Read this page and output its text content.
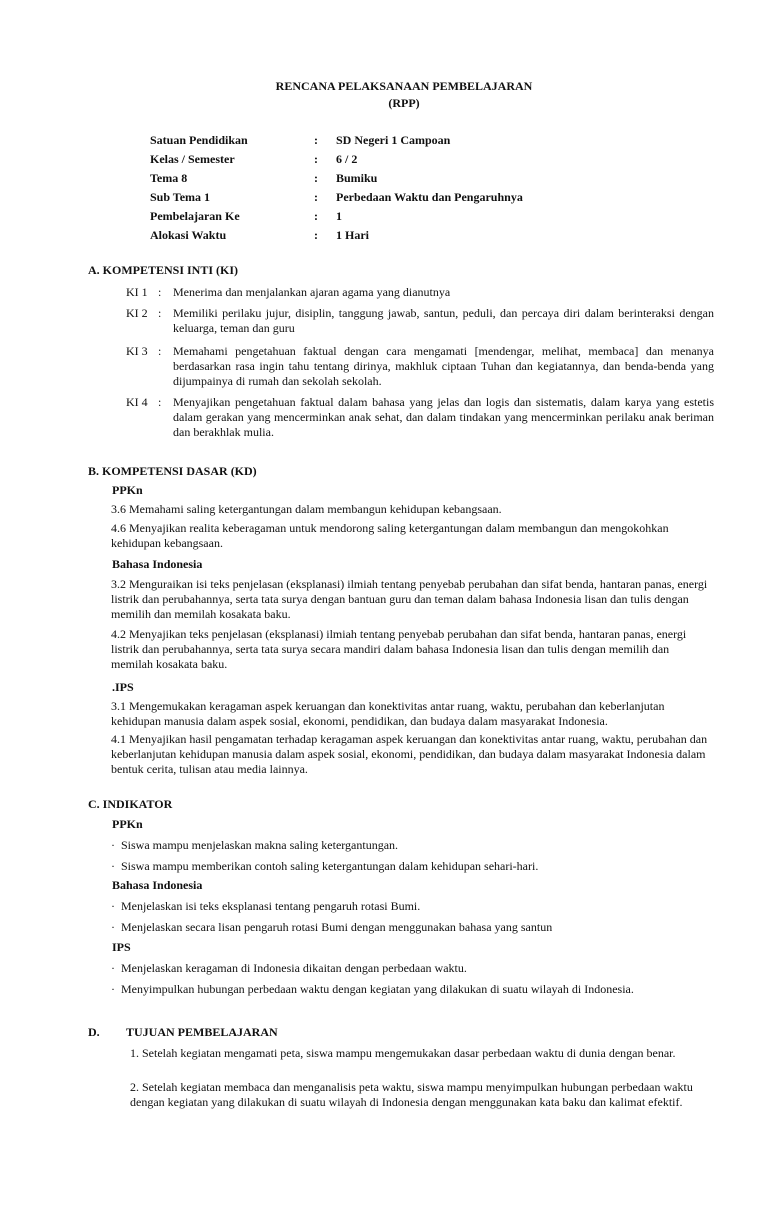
RENCANA PELAKSANAAN PEMBELAJARAN
(RPP)
Satuan Pendidikan	:	SD Negeri 1 Campoan
Kelas / Semester	:	6 / 2
Tema 8	:	Bumiku
Sub Tema 1	:	Perbedaan Waktu dan Pengaruhnya
Pembelajaran Ke	:	1
Alokasi Waktu	:	1 Hari
A. KOMPETENSI INTI (KI)
KI 1 : Menerima dan menjalankan ajaran agama yang dianutnya
KI 2 : Memiliki perilaku jujur, disiplin, tanggung jawab, santun, peduli, dan percaya diri dalam berinteraksi dengan keluarga, teman dan guru
KI 3 : Memahami pengetahuan faktual dengan cara mengamati [mendengar, melihat, membaca] dan menanya berdasarkan rasa ingin tahu tentang dirinya, makhluk ciptaan Tuhan dan kegiatannya, dan benda-benda yang dijumpainya di rumah dan sekolah sekolah.
KI 4 : Menyajikan pengetahuan faktual dalam bahasa yang jelas dan logis dan sistematis, dalam karya yang estetis dalam gerakan yang mencerminkan anak sehat, dan dalam tindakan yang mencerminkan perilaku anak beriman dan berakhlak mulia.
B. KOMPETENSI DASAR (KD)
PPKn
3.6 Memahami saling ketergantungan dalam membangun kehidupan kebangsaan.
4.6 Menyajikan realita keberagaman untuk mendorong saling ketergantungan dalam membangun dan mengokohkan kehidupan kebangsaan.
Bahasa Indonesia
3.2 Menguraikan isi teks penjelasan (eksplanasi) ilmiah tentang penyebab perubahan dan sifat benda, hantaran panas, energi listrik dan perubahannya, serta tata surya dengan bantuan guru dan teman dalam bahasa Indonesia lisan dan tulis dengan memilih dan memilah kosakata baku.
4.2 Menyajikan teks penjelasan (eksplanasi) ilmiah tentang penyebab perubahan dan sifat benda, hantaran panas, energi listrik dan perubahannya, serta tata surya secara mandiri dalam bahasa Indonesia lisan dan tulis dengan memilih dan memilah kosakata baku.
.IPS
3.1 Mengemukakan keragaman aspek keruangan dan konektivitas antar ruang, waktu, perubahan dan keberlanjutan kehidupan manusia dalam aspek sosial, ekonomi, pendidikan, dan budaya dalam masyarakat Indonesia.
4.1 Menyajikan hasil pengamatan terhadap keragaman aspek keruangan dan konektivitas antar ruang, waktu, perubahan dan keberlanjutan kehidupan manusia dalam aspek sosial, ekonomi, pendidikan, dan budaya dalam masyarakat Indonesia dalam bentuk cerita, tulisan atau media lainnya.
C. INDIKATOR
PPKn
· Siswa mampu menjelaskan makna saling ketergantungan.
· Siswa mampu memberikan contoh saling ketergantungan dalam kehidupan sehari-hari.
Bahasa Indonesia
· Menjelaskan isi teks eksplanasi tentang pengaruh rotasi Bumi.
· Menjelaskan secara lisan pengaruh rotasi Bumi dengan menggunakan bahasa yang santun
IPS
· Menjelaskan keragaman di Indonesia dikaitan dengan perbedaan waktu.
· Menyimpulkan hubungan perbedaan waktu dengan kegiatan yang dilakukan di suatu wilayah di Indonesia.
D. TUJUAN PEMBELAJARAN
1. Setelah kegiatan mengamati peta, siswa mampu mengemukakan dasar perbedaan waktu di dunia dengan benar.
2. Setelah kegiatan membaca dan menganalisis peta waktu, siswa mampu menyimpulkan hubungan perbedaan waktu dengan kegiatan yang dilakukan di suatu wilayah di Indonesia dengan menggunakan kata baku dan kalimat efektif.
